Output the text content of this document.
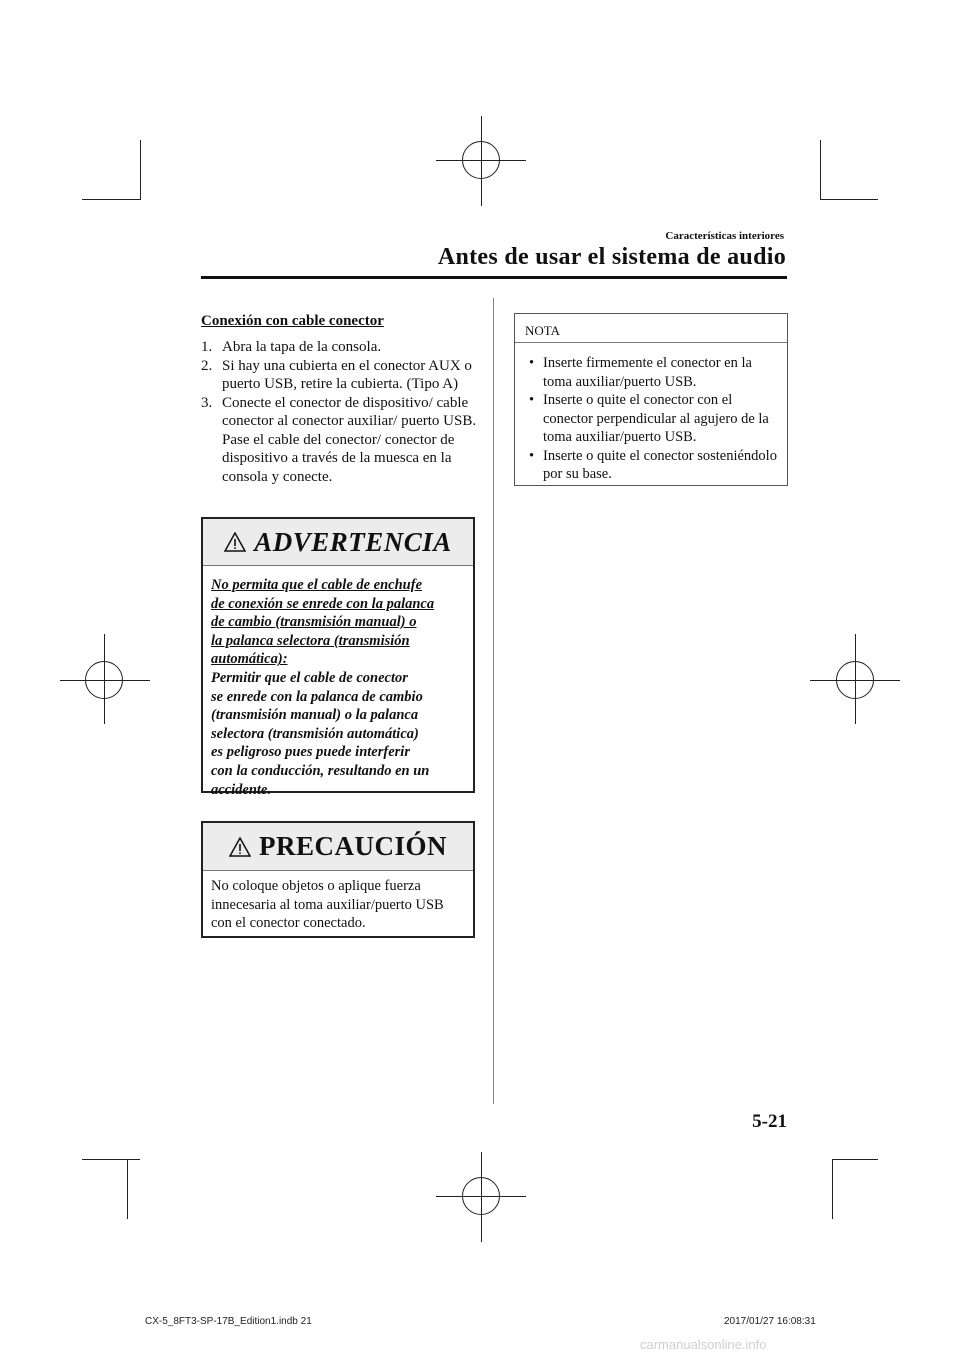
Características interiores
Antes de usar el sistema de audio
Conexión con cable conector
1. Abra la tapa de la consola.
2. Si hay una cubierta en el conector AUX o puerto USB, retire la cubierta. (Tipo A)
3. Conecte el conector de dispositivo/ cable conector al conector auxiliar/ puerto USB. Pase el cable del conector/ conector de dispositivo a través de la muesca en la consola y conecte.
ADVERTENCIA
No permita que el cable de enchufe
de conexión se enrede con la palanca
de cambio (transmisión manual) o
la palanca selectora (transmisión
automática):
Permitir que el cable de conector
se enrede con la palanca de cambio
(transmisión manual) o la palanca
selectora (transmisión automática)
es peligroso pues puede interferir
con la conducción, resultando en un
accidente.
PRECAUCIÓN
No coloque objetos o aplique fuerza innecesaria al toma auxiliar/puerto USB con el conector conectado.
NOTA
• Inserte firmemente el conector en la toma auxiliar/puerto USB.
• Inserte o quite el conector con el conector perpendicular al agujero de la toma auxiliar/puerto USB.
• Inserte o quite el conector sosteniéndolo por su base.
5-21
CX-5_8FT3-SP-17B_Edition1.indb 21	2017/01/27 16:08:31
carmanualsonline.info
